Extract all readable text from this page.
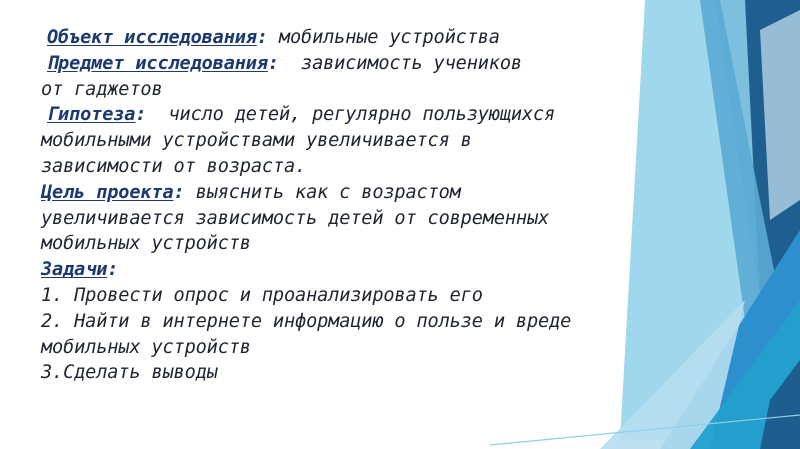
Объект исследования: мобильные устройства
Предмет исследования:  зависимость учеников
от гаджетов
Гипотеза:  число детей, регулярно пользующихся
мобильными устройствами увеличивается в
зависимости от возраста.
Цель проекта: выяснить как с возрастом
увеличивается зависимость детей от современных
мобильных устройств
Задачи:
1. Провести опрос и проанализировать его
2. Найти в интернете информацию о пользе и вреде
мобильных устройств
3.Сделать выводы
